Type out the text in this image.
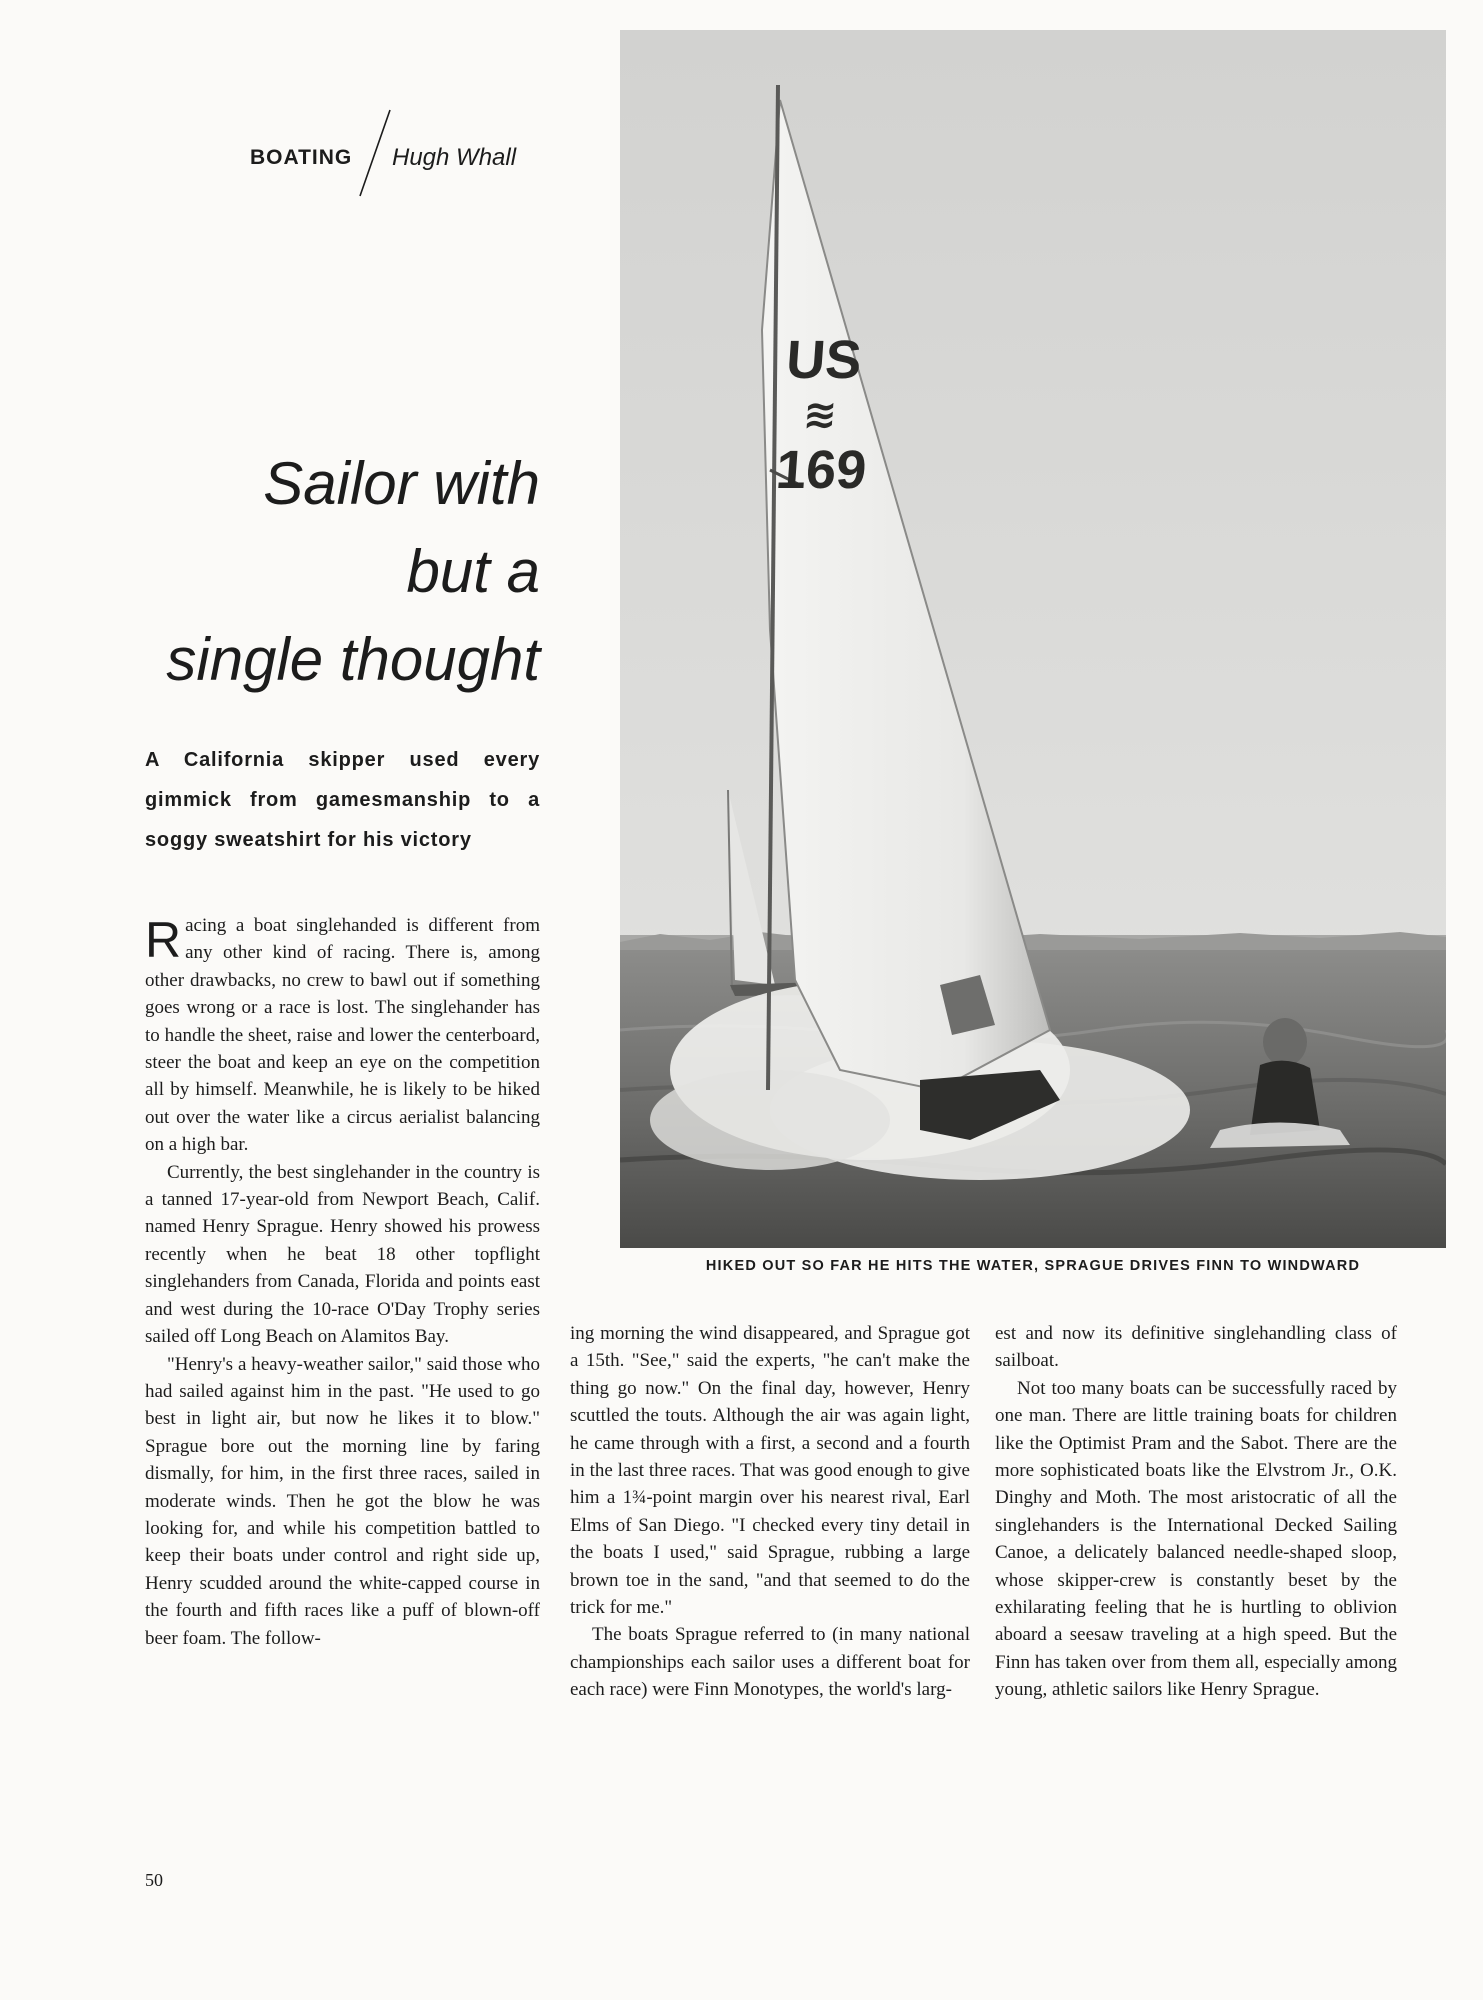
BOATING Hugh Whall
Sailor with
but a
single thought

A California skipper used every gimmick from gamesmanship to a soggy sweatshirt for his victory

Racing a boat singlehanded is different from any other kind of racing. There is, among other drawbacks, no crew to bawl out if something goes wrong or a race is lost. The singlehander has to handle the sheet, raise and lower the centerboard, steer the boat and keep an eye on the competition all by himself. Meanwhile, he is likely to be hiked out over the water like a circus aerialist balancing on a high bar.

Currently, the best singlehander in the country is a tanned 17-year-old from Newport Beach, Calif. named Henry Sprague. Henry showed his prowess recently when he beat 18 other topflight singlehanders from Canada, Florida and points east and west during the 10-race O'Day Trophy series sailed off Long Beach on Alamitos Bay.

"Henry's a heavy-weather sailor," said those who had sailed against him in the past. "He used to go best in light air, but now he likes it to blow." Sprague bore out the morning line by faring dismally, for him, in the first three races, sailed in moderate winds. Then he got the blow he was looking for, and while his competition battled to keep their boats under control and right side up, Henry scudded around the white-capped course in the fourth and fifth races like a puff of blown-off beer foam. The follow-

ing morning the wind disappeared, and Sprague got a 15th. "See," said the experts, "he can't make the thing go now." On the final day, however, Henry scuttled the touts. Although the air was again light, he came through with a first, a second and a fourth in the last three races. That was good enough to give him a 1¾-point margin over his nearest rival, Earl Elms of San Diego. "I checked every tiny detail in the boats I used," said Sprague, rubbing a large brown toe in the sand, "and that seemed to do the trick for me."

The boats Sprague referred to (in many national championships each sailor uses a different boat for each race) were Finn Monotypes, the world's larg-

est and now its definitive singlehandling class of sailboat.

Not too many boats can be successfully raced by one man. There are little training boats for children like the Optimist Pram and the Sabot. There are the more sophisticated boats like the Elvstrom Jr., O.K. Dinghy and Moth. The most aristocratic of all the singlehanders is the International Decked Sailing Canoe, a delicately balanced needle-shaped sloop, whose skipper-crew is constantly beset by the exhilarating feeling that he is hurtling to oblivion aboard a seesaw traveling at a high speed. But the Finn has taken over from them all, especially among young, athletic sailors like Henry Sprague.

US
≋
169

HIKED OUT SO FAR HE HITS THE WATER, SPRAGUE DRIVES FINN TO WINDWARD

50
